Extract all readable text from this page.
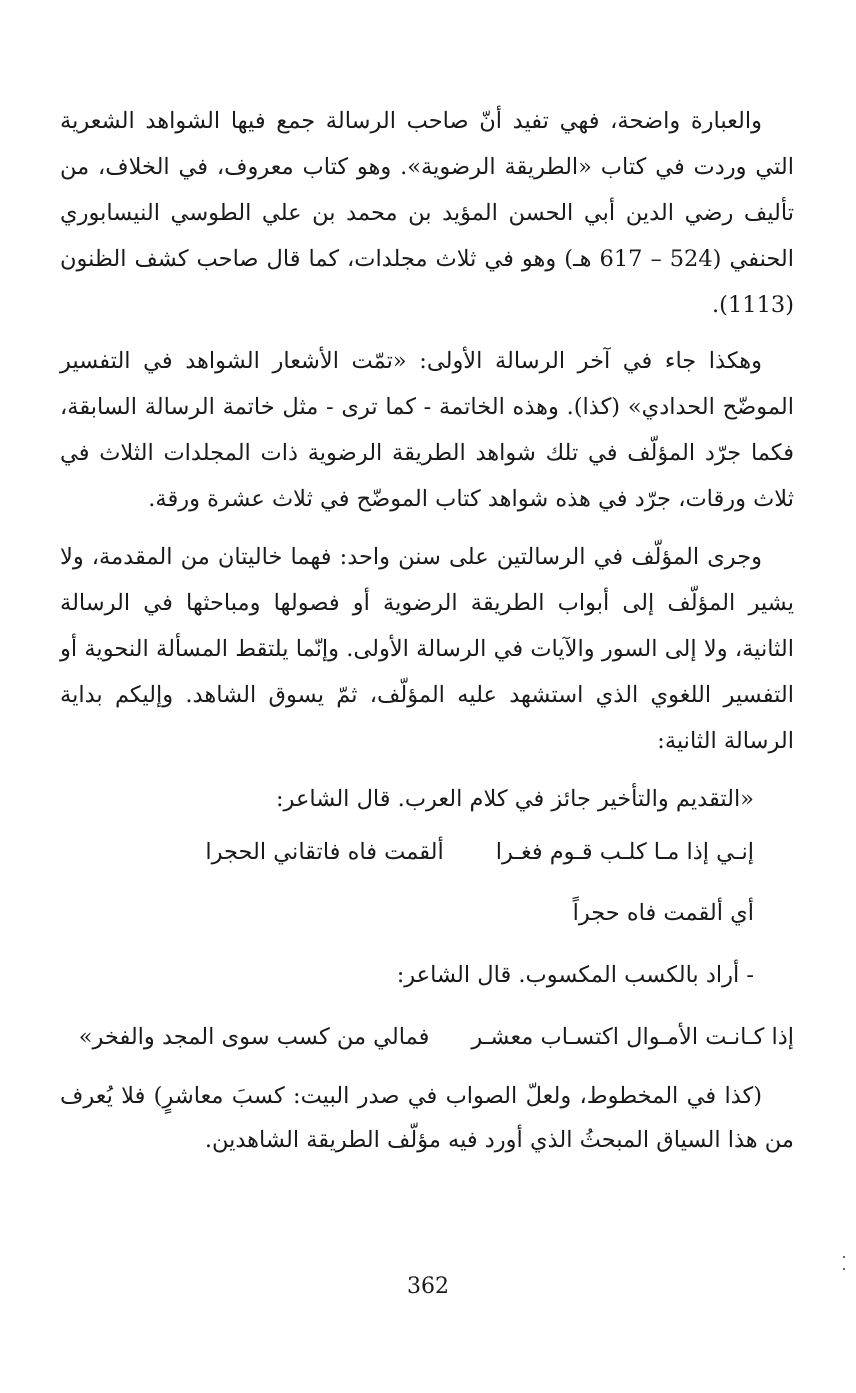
والعبارة واضحة، فهي تفيد أنّ صاحب الرسالة جمع فيها الشواهد الشعرية التي وردت في كتاب «الطريقة الرضوية». وهو كتاب معروف، في الخلاف، من تأليف رضي الدين أبي الحسن المؤيد بن محمد بن علي الطوسي النيسابوري الحنفي (524 – 617 هـ) وهو في ثلاث مجلدات، كما قال صاحب كشف الظنون (1113).

وهكذا جاء في آخر الرسالة الأولى: «تمّت الأشعار الشواهد في التفسير الموضّح الحدادي» (كذا). وهذه الخاتمة - كما ترى - مثل خاتمة الرسالة السابقة، فكما جرّد المؤلّف في تلك شواهد الطريقة الرضوية ذات المجلدات الثلاث في ثلاث ورقات، جرّد في هذه شواهد كتاب الموضّح في ثلاث عشرة ورقة.

وجرى المؤلّف في الرسالتين على سنن واحد: فهما خاليتان من المقدمة، ولا يشير المؤلّف إلى أبواب الطريقة الرضوية أو فصولها ومباحثها في الرسالة الثانية، ولا إلى السور والآيات في الرسالة الأولى. وإنّما يلتقط المسألة النحوية أو التفسير اللغوي الذي استشهد عليه المؤلّف، ثمّ يسوق الشاهد. وإليكم بداية الرسالة الثانية:

«التقديم والتأخير جائز في كلام العرب. قال الشاعر:

إنـي إذا مـا كلـب قـوم فغـرا
ألقمت فاه فاتقاني الحجرا

أي ألقمت فاه حجراً

- أراد بالكسب المكسوب. قال الشاعر:

إذا كـانـت الأمـوال اكتسـاب معشـر
فمالي من كسب سوى المجد والفخر»

(كذا في المخطوط، ولعلّ الصواب في صدر البيت: كسبَ معاشرٍ) فلا يُعرف من هذا السياق المبحثُ الذي أورد فيه مؤلّف الطريقة الشاهدين.

362
